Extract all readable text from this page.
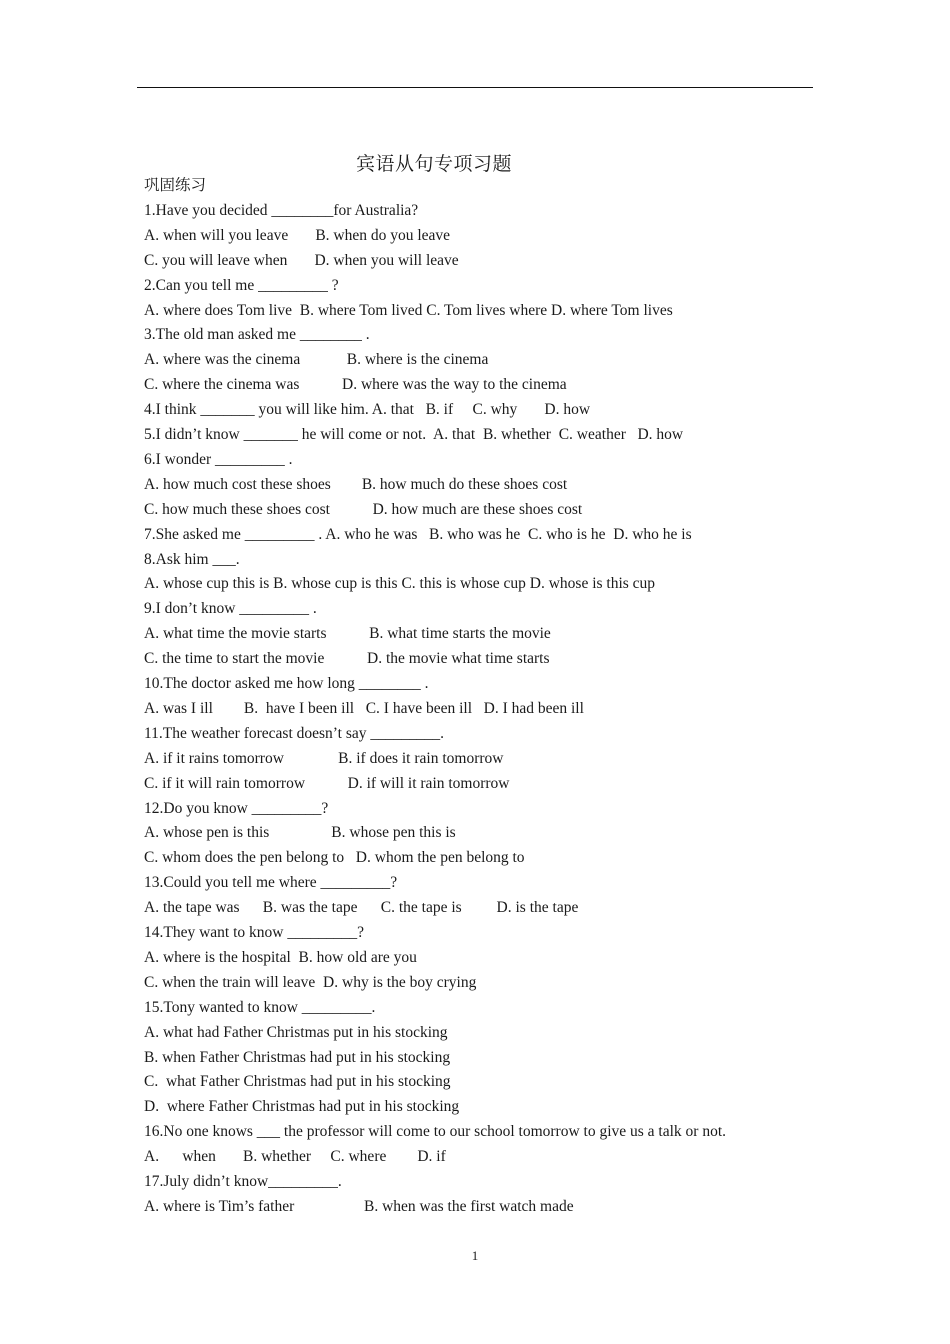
宾语从句专项习题
巩固练习
1.Have you decided ________for Australia?
A. when will you leave       B. when do you leave
C. you will leave when       D. when you will leave
2.Can you tell me _________ ?
A. where does Tom live  B. where Tom lived C. Tom lives where D. where Tom lives
3.The old man asked me ________ .
A. where was the cinema            B. where is the cinema
C. where the cinema was           D. where was the way to the cinema
4.I think _______ you will like him. A. that   B. if     C. why       D. how
5.I didn’t know _______ he will come or not.  A. that  B. whether  C. weather   D. how
6.I wonder _________ .
A. how much cost these shoes        B. how much do these shoes cost
C. how much these shoes cost           D. how much are these shoes cost
7.She asked me _________ . A. who he was   B. who was he  C. who is he  D. who he is
8.Ask him ___.
A. whose cup this is B. whose cup is this C. this is whose cup D. whose is this cup
9.I don’t know _________ .
A. what time the movie starts           B. what time starts the movie
C. the time to start the movie           D. the movie what time starts
10.The doctor asked me how long ________ .
A. was I ill        B.  have I been ill   C. I have been ill   D. I had been ill
11.The weather forecast doesn’t say _________.
A. if it rains tomorrow              B. if does it rain tomorrow
C. if it will rain tomorrow           D. if will it rain tomorrow
12.Do you know _________?
A. whose pen is this                B. whose pen this is
C. whom does the pen belong to   D. whom the pen belong to
13.Could you tell me where _________?
A. the tape was      B. was the tape      C. the tape is         D. is the tape
14.They want to know _________?
A. where is the hospital  B. how old are you
C. when the train will leave  D. why is the boy crying
15.Tony wanted to know _________.
A. what had Father Christmas put in his stocking
B. when Father Christmas had put in his stocking
C.  what Father Christmas had put in his stocking
D.  where Father Christmas had put in his stocking
16.No one knows ___ the professor will come to our school tomorrow to give us a talk or not.
A.      when       B. whether     C. where        D. if
17.July didn’t know_________.
A. where is Tim’s father                  B. when was the first watch made
1
